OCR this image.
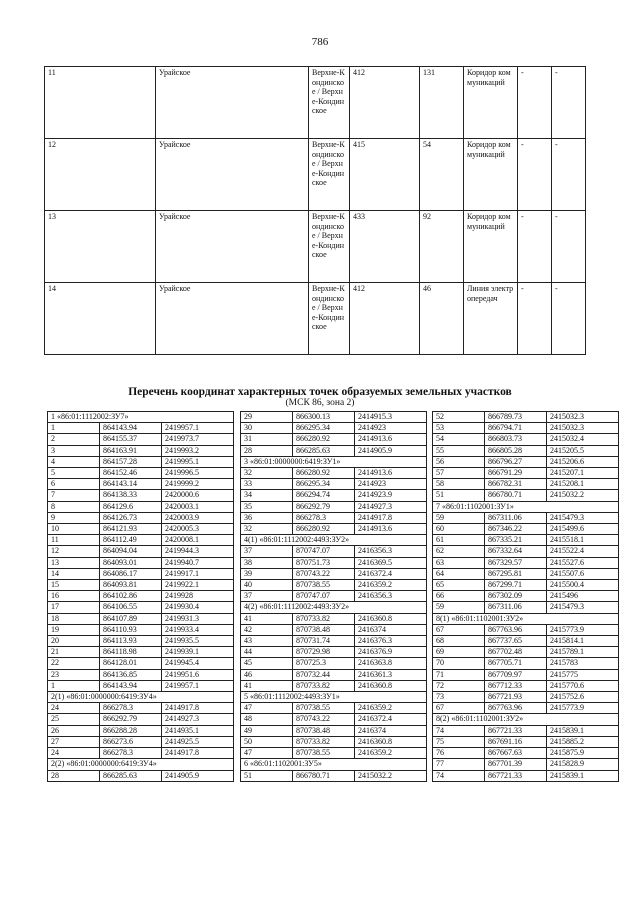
786
11	Урайское	Верхне-Кондинское / Верхне-Кондинское	412	131	Коридор коммуникаций	-	-
12	Урайское	Верхне-Кондинское / Верхне-Кондинское	415	54	Коридор коммуникаций	-	-
13	Урайское	Верхне-Кондинское / Верхне-Кондинское	433	92	Коридор коммуникаций	-	-
14	Урайское	Верхне-Кондинское / Верхне-Кондинское	412	46	Линия электропередач	-	-
Перечень координат характерных точек образуемых земельных участков
(МСК 86, зона 2)
1 «86:01:1112002:ЗУ7»		
1	864143.94	2419957.1
2	864155.37	2419973.7
3	864163.91	2419993.2
4	864157.28	2419995.1
5	864152.46	2419996.5
6	864143.14	2419999.2
7	864138.33	2420000.6
8	864129.6	2420003.1
9	864126.73	2420003.9
10	864121.93	2420005.3
11	864112.49	2420008.1
12	864094.04	2419944.3
13	864093.01	2419940.7
14	864086.17	2419917.1
15	864093.81	2419922.1
16	864102.86	2419928
17	864106.55	2419930.4
18	864107.89	2419931.3
19	864110.93	2419933.4
20	864113.93	2419935.5
21	864118.98	2419939.1
22	864128.01	2419945.4
23	864136.85	2419951.6
1	864143.94	2419957.1
2(1) «86:01:0000000:6419:ЗУ4»		
24	866278.3	2414917.8
25	866292.79	2414927.3
26	866288.28	2414935.1
27	866273.6	2414925.5
24	866278.3	2414917.8
2(2) «86:01:0000000:6419:ЗУ4»		
28	866285.63	2414905.9
29	866300.13	2414915.3
30	866295.34	2414923
31	866280.92	2414913.6
28	866285.63	2414905.9
3 «86:01:0000000:6419:ЗУ1»		
32	866280.92	2414913.6
33	866295.34	2414923
34	866294.74	2414923.9
35	866292.79	2414927.3
36	866278.3	2414917.8
32	866280.92	2414913.6
4(1) «86:01:1112002:4493:ЗУ2»		
37	870747.07	2416356.3
38	870751.73	2416369.5
39	870743.22	2416372.4
40	870738.55	2416359.2
37	870747.07	2416356.3
4(2) «86:01:1112002:4493:ЗУ2»		
41	870733.82	2416360.8
42	870738.48	2416374
43	870731.74	2416376.3
44	870729.98	2416376.9
45	870725.3	2416363.8
46	870732.44	2416361.3
41	870733.82	2416360.8
5 «86:01:1112002:4493:ЗУ1»		
47	870738.55	2416359.2
48	870743.22	2416372.4
49	870738.48	2416374
50	870733.82	2416360.8
47	870738.55	2416359.2
6 «86:01:1102001:ЗУ5»		
51	866780.71	2415032.2
52	866789.73	2415032.3
53	866794.71	2415032.3
54	866803.73	2415032.4
55	866805.28	2415205.5
56	866796.27	2415206.6
57	866791.29	2415207.1
58	866782.31	2415208.1
51	866780.71	2415032.2
7 «86:01:1102001:ЗУ1»		
59	867311.06	2415479.3
60	867346.22	2415499.6
61	867335.21	2415518.1
62	867332.64	2415522.4
63	867329.57	2415527.6
64	867295.81	2415507.6
65	867299.71	2415500.4
66	867302.09	2415496
59	867311.06	2415479.3
8(1) «86:01:1102001:ЗУ2»		
67	867763.96	2415773.9
68	867737.65	2415814.1
69	867702.48	2415789.1
70	867705.71	2415783
71	867709.97	2415775
72	867712.33	2415770.6
73	867721.93	2415752.6
67	867763.96	2415773.9
8(2) «86:01:1102001:ЗУ2»		
74	867721.33	2415839.1
75	867691.16	2415885.2
76	867667.63	2415875.9
77	867701.39	2415828.9
74	867721.33	2415839.1
